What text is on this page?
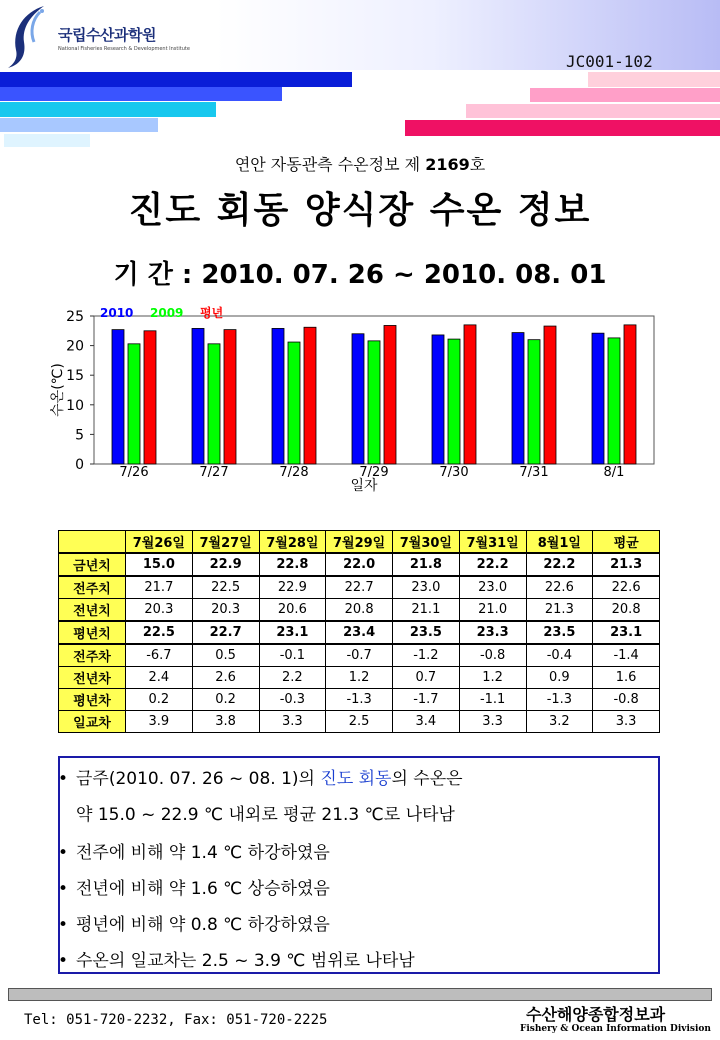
국립수산과학원
National Fisheries Research & Development Institute
JC001-102
연안 자동관측 수온정보 제 2169호
진도 회동 양식장 수온 정보
기 간 : 2010. 07. 26 ~ 2010. 08. 01
0
5
10
15
20
25
7/26	7/27	7/28	7/29	7/30	7/31	8/1
일자
수온(℃)
2010 2009 평년
	7월26일	7월27일	7월28일	7월29일	7월30일	7월31일	8월1일	평균
금년치	15.0	22.9	22.8	22.0	21.8	22.2	22.2	21.3
전주치	21.7	22.5	22.9	22.7	23.0	23.0	22.6	22.6
전년치	20.3	20.3	20.6	20.8	21.1	21.0	21.3	20.8
평년치	22.5	22.7	23.1	23.4	23.5	23.3	23.5	23.1
전주차	-6.7	0.5	-0.1	-0.7	-1.2	-0.8	-0.4	-1.4
전년차	2.4	2.6	2.2	1.2	0.7	1.2	0.9	1.6
평년차	0.2	0.2	-0.3	-1.3	-1.7	-1.1	-1.3	-0.8
일교차	3.9	3.8	3.3	2.5	3.4	3.3	3.2	3.3
• 금주(2010. 07. 26 ~ 08. 1)의 진도 회동의 수온은
약 15.0 ~ 22.9 ℃ 내외로 평균 21.3 ℃로 나타남
• 전주에 비해 약 1.4 ℃ 하강하였음
• 전년에 비해 약 1.6 ℃ 상승하였음
• 평년에 비해 약 0.8 ℃ 하강하였음
• 수온의 일교차는 2.5 ~ 3.9 ℃ 범위로 나타남
Tel: 051-720-2232, Fax: 051-720-2225	수산해양종합정보과
Fishery & Ocean Information Division
